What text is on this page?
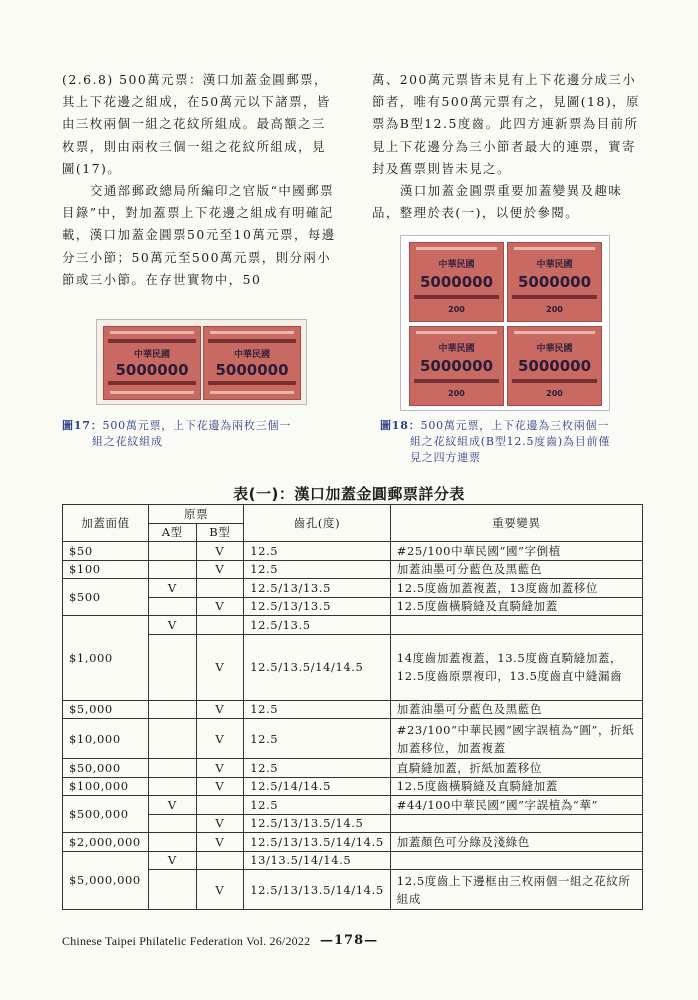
(2.6.8) 500萬元票：漢口加蓋金圓郵票，其上下花邊之組成，在50萬元以下諸票，皆由三枚兩個一組之花紋所組成。最高額之三枚票，則由兩枚三個一組之花紋所組成，見圖(17)。

交通部郵政總局所編印之官版“中國郵票目錄”中，對加蓋票上下花邊之組成有明確記載，漢口加蓋金圓票50元至10萬元票，每邊分三小節；50萬元至500萬元票，則分兩小節或三小節。在存世實物中，50

萬、200萬元票皆未見有上下花邊分成三小節者，唯有500萬元票有之，見圖(18)，原票為B型12.5度齒。此四方連新票為目前所見上下花邊分為三小節者最大的連票，實寄封及舊票則皆未見之。

漢口加蓋金圓票重要加蓋變異及趣味品，整理於表(一)，以便於參閱。

中華民國
5000000
中華民國
5000000
中華民國
5000000
200
中華民國
5000000
200
中華民國
5000000
200
中華民國
5000000
200
圖17：500萬元票，上下花邊為兩枚三個一
組之花紋組成
圖18：500萬元票，上下花邊為三枚兩個一
組之花紋組成(B型12.5度齒)為目前僅
見之四方連票
表(一)：漢口加蓋金圓郵票詳分表
加蓋面值	原票		齒孔(度)	重要變異
	A型	B型		
$50		V	12.5	#25/100中華民國“國”字倒植
$100		V	12.5	加蓋油墨可分藍色及黑藍色
$500	V		12.5/13/13.5	12.5度齒加蓋複蓋，13度齒加蓋移位
		V	12.5/13/13.5	12.5度齒橫騎縫及直騎縫加蓋
$1,000	V		12.5/13.5	
		V	12.5/13.5/14/14.5	14度齒加蓋複蓋，13.5度齒直騎縫加蓋，12.5度齒原票複印，13.5度齒直中縫漏齒
$5,000		V	12.5	加蓋油墨可分藍色及黑藍色
$10,000		V	12.5	#23/100“中華民國”國字誤植為“圓”，折紙加蓋移位，加蓋複蓋
$50,000		V	12.5	直騎縫加蓋，折紙加蓋移位
$100,000		V	12.5/14/14.5	12.5度齒橫騎縫及直騎縫加蓋
$500,000	V		12.5	#44/100中華民國“國”字誤植為“華”
		V	12.5/13/13.5/14.5	
$2,000,000		V	12.5/13/13.5/14/14.5	加蓋顏色可分綠及淺綠色
$5,000,000	V		13/13.5/14/14.5	
		V	12.5/13/13.5/14/14.5	12.5度齒上下邊框由三枚兩個一組之花紋所組成
Chinese Taipei Philatelic Federation Vol. 26/2022 —178—
